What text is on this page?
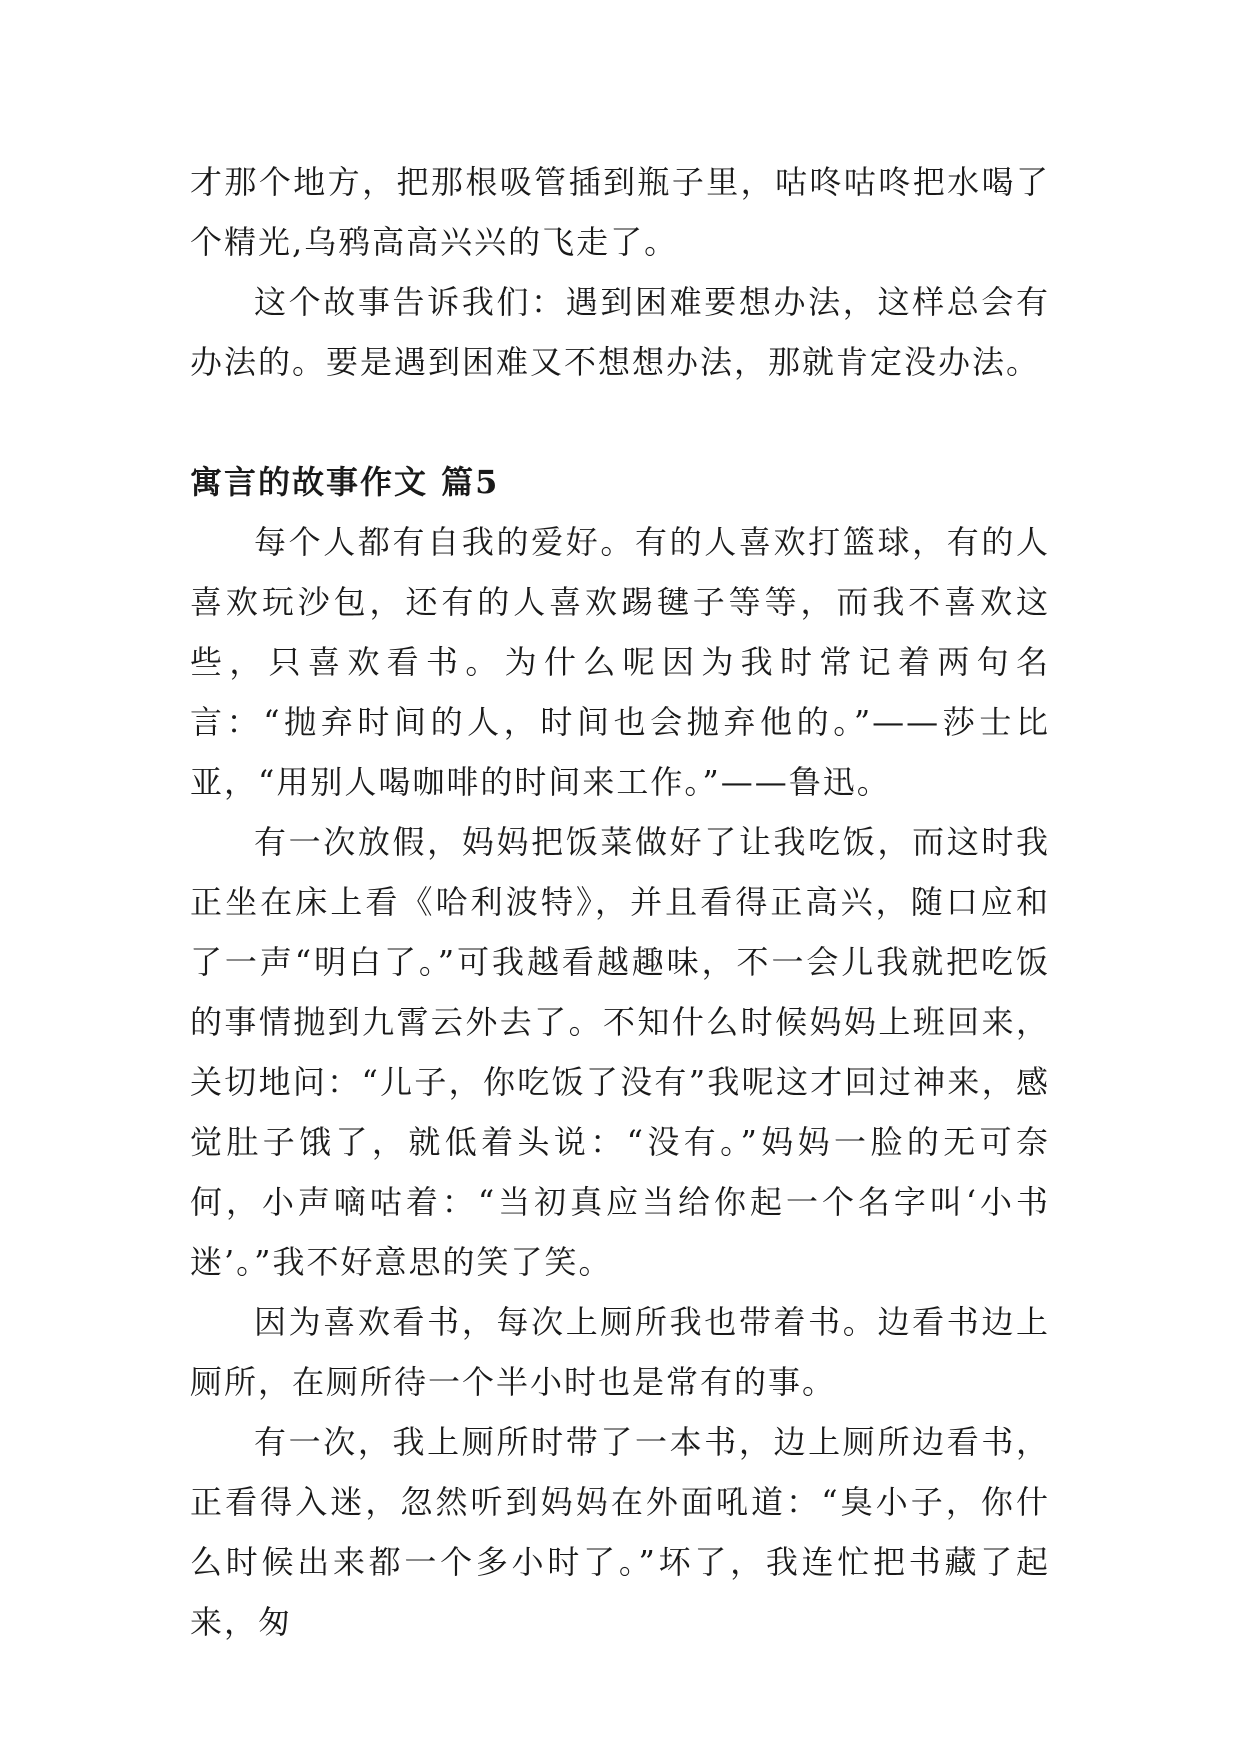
才那个地方，把那根吸管插到瓶子里，咕咚咕咚把水喝了个精光,乌鸦高高兴兴的飞走了。

这个故事告诉我们：遇到困难要想办法，这样总会有办法的。要是遇到困难又不想想办法，那就肯定没办法。

寓言的故事作文 篇5

每个人都有自我的爱好。有的人喜欢打篮球，有的人喜欢玩沙包，还有的人喜欢踢毽子等等，而我不喜欢这些，只喜欢看书。为什么呢因为我时常记着两句名言：“抛弃时间的人，时间也会抛弃他的。”——莎士比亚，“用别人喝咖啡的时间来工作。”——鲁迅。

有一次放假，妈妈把饭菜做好了让我吃饭，而这时我正坐在床上看《哈利波特》，并且看得正高兴，随口应和了一声“明白了。”可我越看越趣味，不一会儿我就把吃饭的事情抛到九霄云外去了。不知什么时候妈妈上班回来，关切地问：“儿子，你吃饭了没有”我呢这才回过神来，感觉肚子饿了，就低着头说：“没有。”妈妈一脸的无可奈何，小声嘀咕着：“当初真应当给你起一个名字叫‘小书迷’。”我不好意思的笑了笑。

因为喜欢看书，每次上厕所我也带着书。边看书边上厕所，在厕所待一个半小时也是常有的事。

有一次，我上厕所时带了一本书，边上厕所边看书，正看得入迷，忽然听到妈妈在外面吼道：“臭小子，你什么时候出来都一个多小时了。”坏了，我连忙把书藏了起来，匆
